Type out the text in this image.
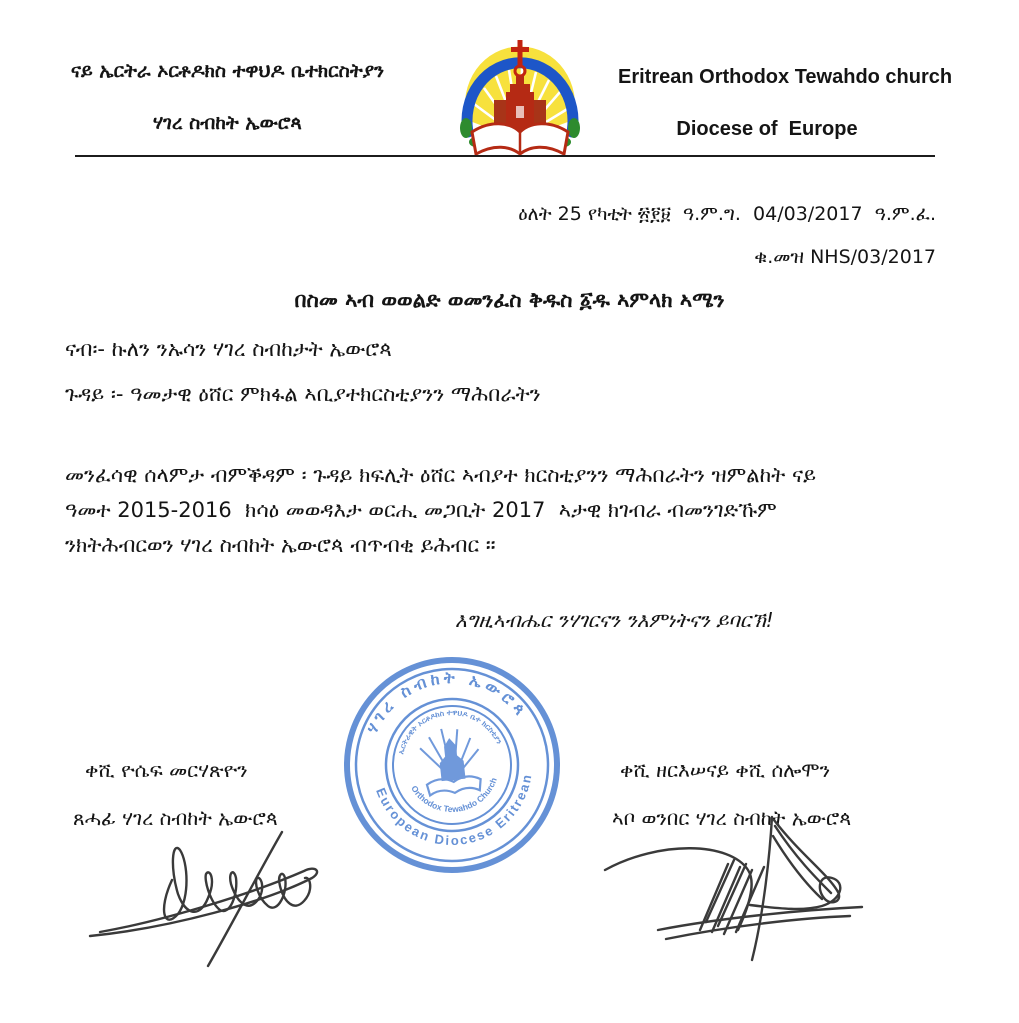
ናይ ኤርትራ ኦርቶዶክስ ተዋህዶ ቤተክርስትያን
ሃገረ ስብከት ኤውሮጳ
Eritrean Orthodox Tewahdo church
Diocese of  Europe
ዕለት 25 የካቲት ፳፻፱  ዓ.ም.ግ.  04/03/2017  ዓ.ም.ፈ.
ቁ.መዝ NHS/03/2017
በስመ ኣብ ወወልድ ወመንፈስ ቅዱስ ፩ዱ ኣምላክ ኣሜን
ናብ፡- ኩለን ንኡሳን ሃገረ ስብከታት ኤውሮጳ
ጉዳይ ፡- ዓመታዊ ዕሸር ምክፋል ኣቢያተክርስቲያንን ማሕበራትን
መንፈሳዊ ሰላምታ ብምቕዳም ፡ ጉዳይ ክፍሊት ዕሸር ኣብያተ ክርስቲያንን ማሕበራትን ዝምልከት ናይ
ዓመተ 2015-2016  ክሳዕ መወዳእታ ወርሒ መጋቢት 2017  ኣታዊ ክገብራ ብመንገድኹም
ንክትሕብርወን ሃገረ ስብከት ኤውሮጳ ብጥብቂ ይሕብር ።
እግዚኣብሔር ንሃገርናን ንእምነትናን ይባርኽ!
ሃገረ ስብከት ኤውሮጳ
European Diocese Eritrean
ኤርትራዊት ኦርቶዶክስ ተዋህዶ ቤተ ክርስቲያን
Orthodox Tewahdo Church
ቀሺ ዮሴፍ መርሃጽዮን
ጸሓፊ ሃገረ ስብከት ኤውሮጳ
ቀሺ ዘርእሠናይ ቀሺ ሰሎሞን
ኣቦ ወንበር ሃገረ ስብከት ኤውሮጳ
